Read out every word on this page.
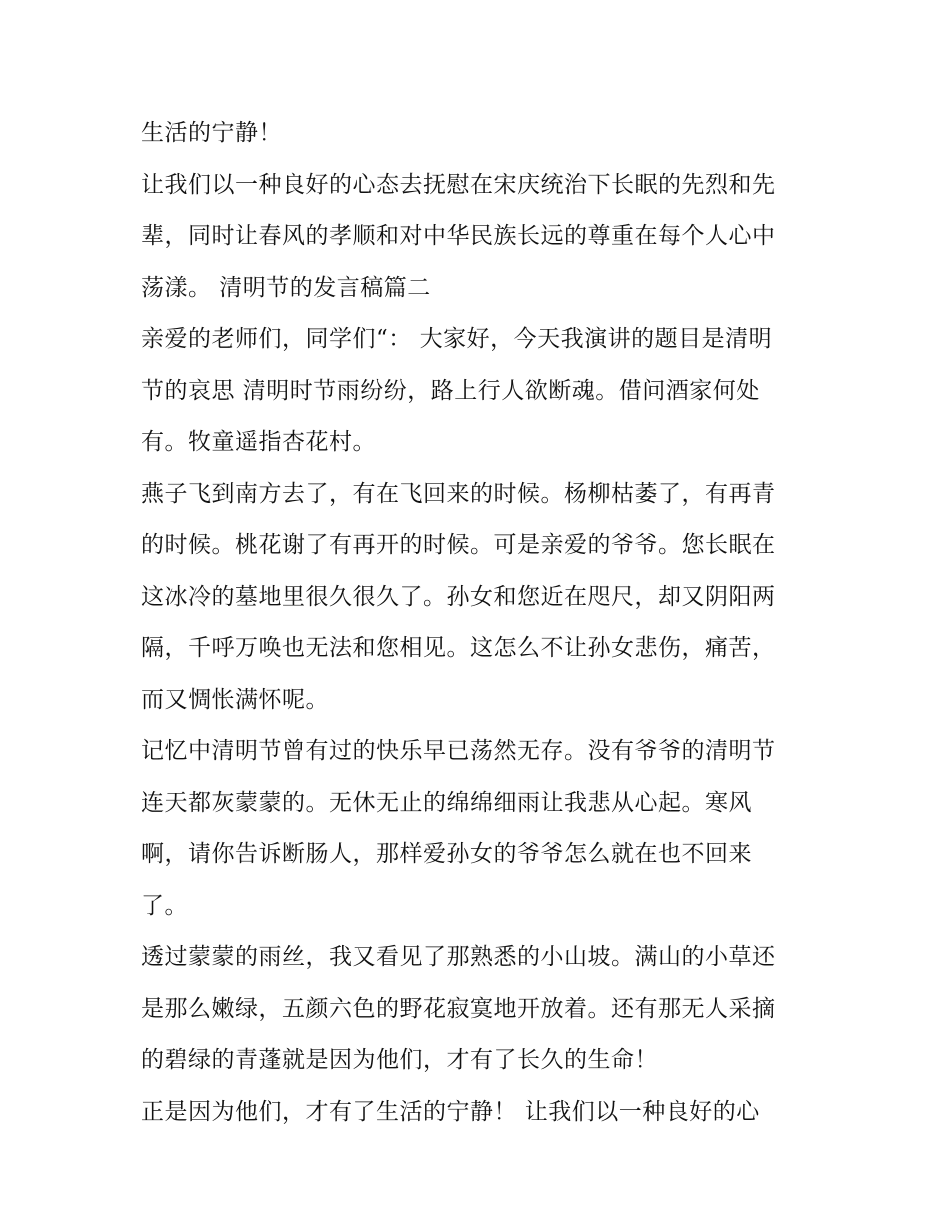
生活的宁静！
让我们以一种良好的心态去抚慰在宋庆统治下长眠的先烈和先
辈，同时让春风的孝顺和对中华民族长远的尊重在每个人心中
荡漾。 清明节的发言稿篇二
亲爱的老师们，同学们“： 大家好，今天我演讲的题目是清明
节的哀思 清明时节雨纷纷，路上行人欲断魂。借问酒家何处
有。牧童遥指杏花村。
燕子飞到南方去了，有在飞回来的时候。杨柳枯萎了，有再青
的时候。桃花谢了有再开的时候。可是亲爱的爷爷。您长眠在
这冰冷的墓地里很久很久了。孙女和您近在咫尺，却又阴阳两
隔，千呼万唤也无法和您相见。这怎么不让孙女悲伤，痛苦，
而又惆怅满怀呢。
记忆中清明节曾有过的快乐早已荡然无存。没有爷爷的清明节
连天都灰蒙蒙的。无休无止的绵绵细雨让我悲从心起。寒风
啊，请你告诉断肠人，那样爱孙女的爷爷怎么就在也不回来
了。
透过蒙蒙的雨丝，我又看见了那熟悉的小山坡。满山的小草还
是那么嫩绿，五颜六色的野花寂寞地开放着。还有那无人采摘
的碧绿的青蓬就是因为他们，才有了长久的生命！
正是因为他们，才有了生活的宁静！ 让我们以一种良好的心
